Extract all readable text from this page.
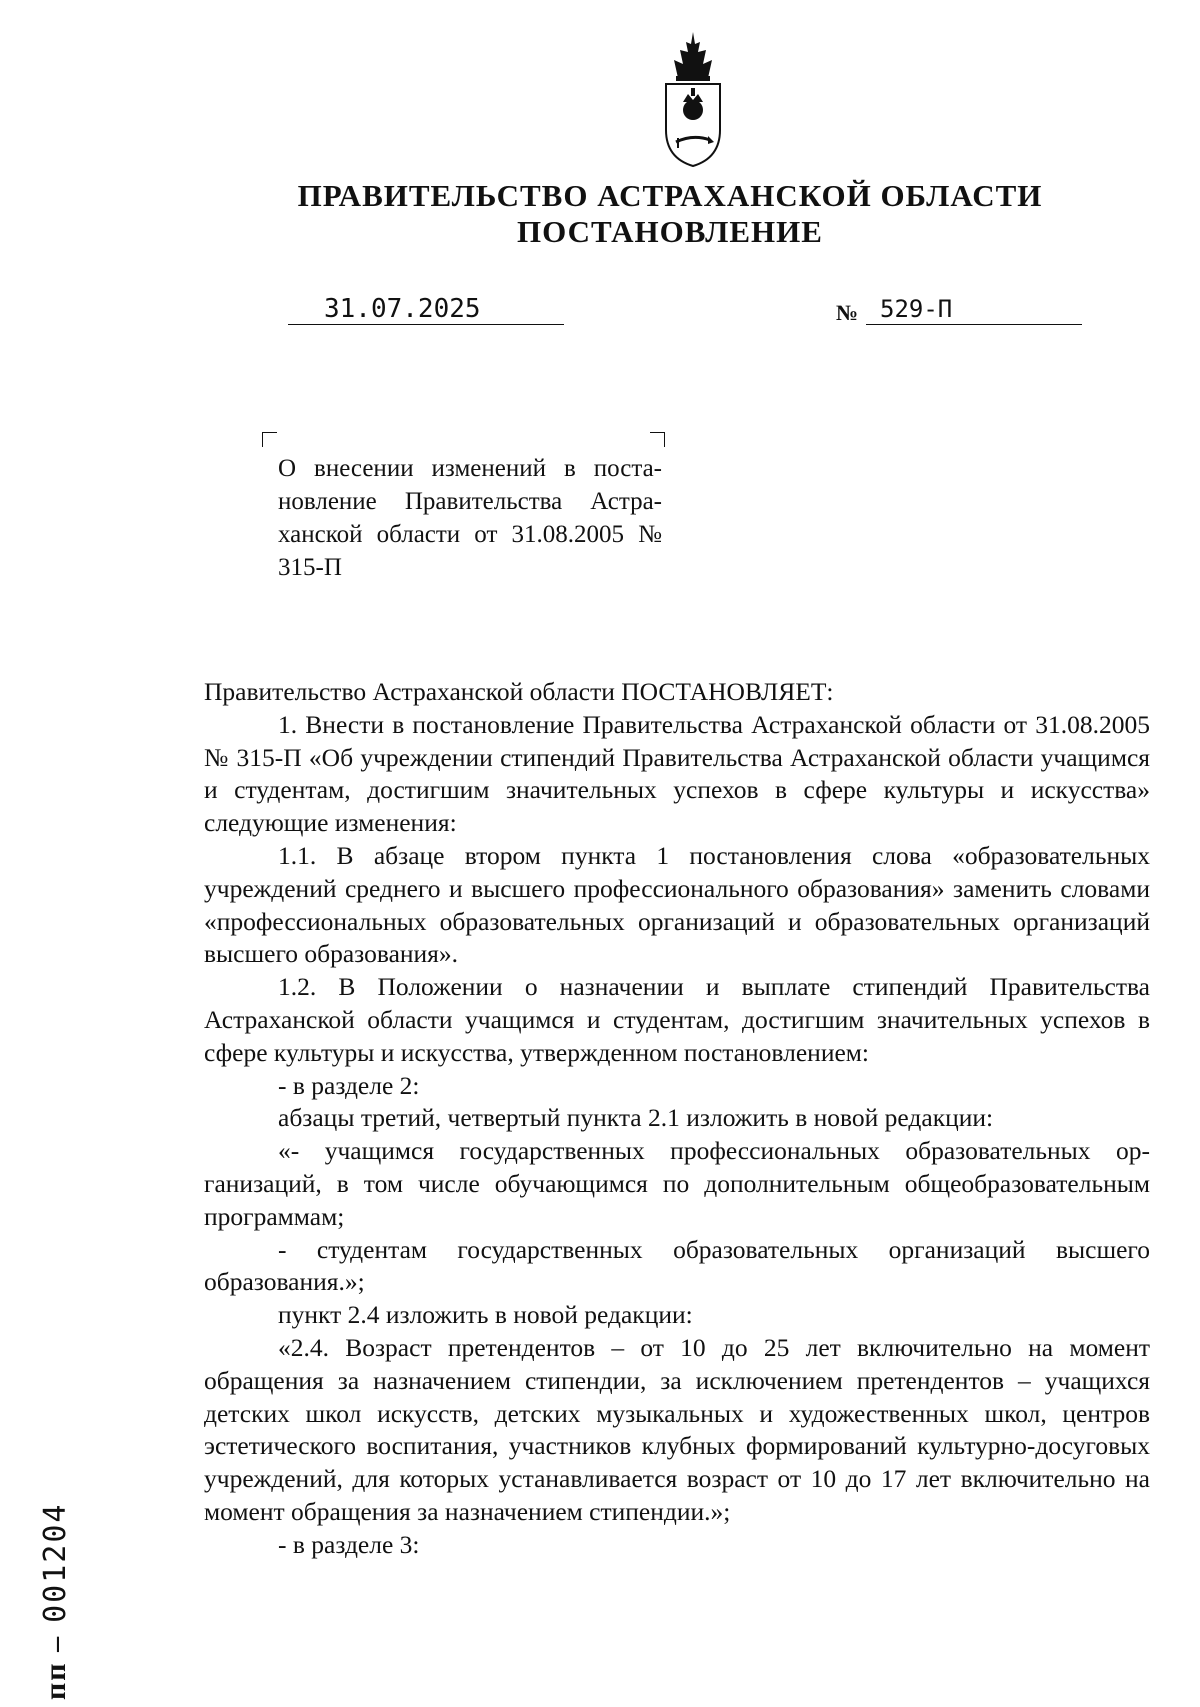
ПРАВИТЕЛЬСТВО АСТРАХАНСКОЙ ОБЛАСТИ
ПОСТАНОВЛЕНИЕ
31.07.2025	№ 529-П
О внесении изменений в постановление Правительства Астраханской области от 31.08.2005 № 315-П

Правительство Астраханской области ПОСТАНОВЛЯЕТ:

1. Внести в постановление Правительства Астраханской области от 31.08.2005 № 315-П «Об учреждении стипендий Правительства Астраханской области учащимся и студентам, достигшим значительных успехов в сфере культуры и искусства» следующие изменения:

1.1. В абзаце втором пункта 1 постановления слова «образовательных учреждений среднего и высшего профессионального образования» заменить словами «профессиональных образовательных организаций и образовательных организаций высшего образования».

1.2. В Положении о назначении и выплате стипендий Правительства Астраханской области учащимся и студентам, достигшим значительных успехов в сфере культуры и искусства, утвержденном постановлением:

- в разделе 2:

абзацы третий, четвертый пункта 2.1 изложить в новой редакции:

«- учащимся государственных профессиональных образовательных организаций, в том числе обучающимся по дополнительным общеобразовательным программам;

- студентам государственных образовательных организаций высшего образования.»;

пункт 2.4 изложить в новой редакции:

«2.4. Возраст претендентов – от 10 до 25 лет включительно на момент обращения за назначением стипендии, за исключением претендентов – учащихся детских школ искусств, детских музыкальных и художественных школ, центров эстетического воспитания, участников клубных формирований культурно-досуговых учреждений, для которых устанавливается возраст от 10 до 17 лет включительно на момент обращения за назначением стипендии.»;

- в разделе 3:

пп –001204
